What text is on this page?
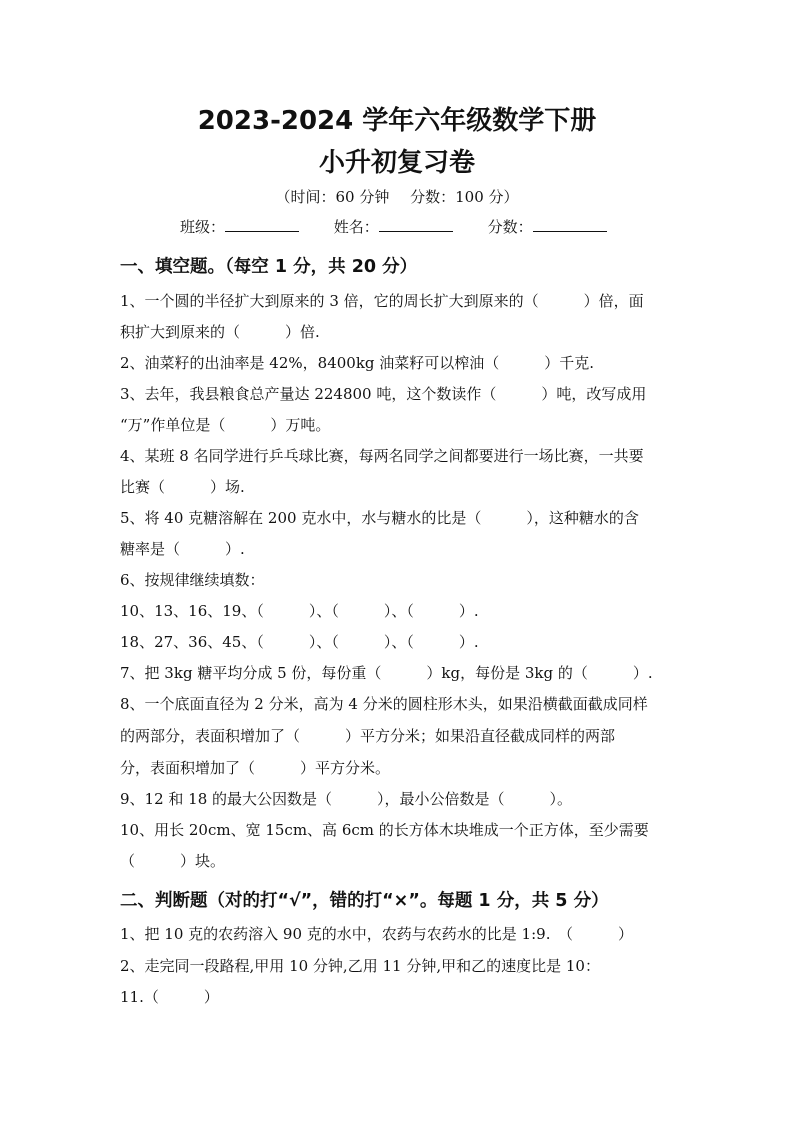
2023-2024 学年六年级数学下册
小升初复习卷
（时间：60 分钟 分数：100 分）
班级：	姓名：	分数：
一、填空题。（每空 1 分，共 20 分）
1、一个圆的半径扩大到原来的 3 倍，它的周长扩大到原来的（　　　）倍，面
积扩大到原来的（　　　）倍.
2、油菜籽的出油率是 42%，8400kg 油菜籽可以榨油（　　　）千克.
3、去年，我县粮食总产量达 224800 吨，这个数读作（　　　）吨，改写成用
“万”作单位是（　　　）万吨。
4、某班 8 名同学进行乒乓球比赛，每两名同学之间都要进行一场比赛，一共要
比赛（　　　）场.
5、将 40 克糖溶解在 200 克水中，水与糖水的比是（　　　），这种糖水的含
糖率是（　　　）.
6、按规律继续填数：
10、13、16、19、（　　　）、（　　　）、（　　　）.
18、27、36、45、（　　　）、（　　　）、（　　　）.
7、把 3kg 糖平均分成 5 份，每份重（　　　）kg，每份是 3kg 的（　　　）.
8、一个底面直径为 2 分米，高为 4 分米的圆柱形木头，如果沿横截面截成同样
的两部分，表面积增加了（　　　）平方分米；如果沿直径截成同样的两部
分，表面积增加了（　　　）平方分米。
9、12 和 18 的最大公因数是（　　　），最小公倍数是（　　　）。
10、用长 20cm、宽 15cm、高 6cm 的长方体木块堆成一个正方体，至少需要
（　　　）块。
二、判断题（对的打“√”，错的打“×”。每题 1 分，共 5 分）
1、把 10 克的农药溶入 90 克的水中，农药与农药水的比是 1:9.　（　　　）
2、走完同一段路程,甲用 10 分钟,乙用 11 分钟,甲和乙的速度比是 10：
11.（　　　）
